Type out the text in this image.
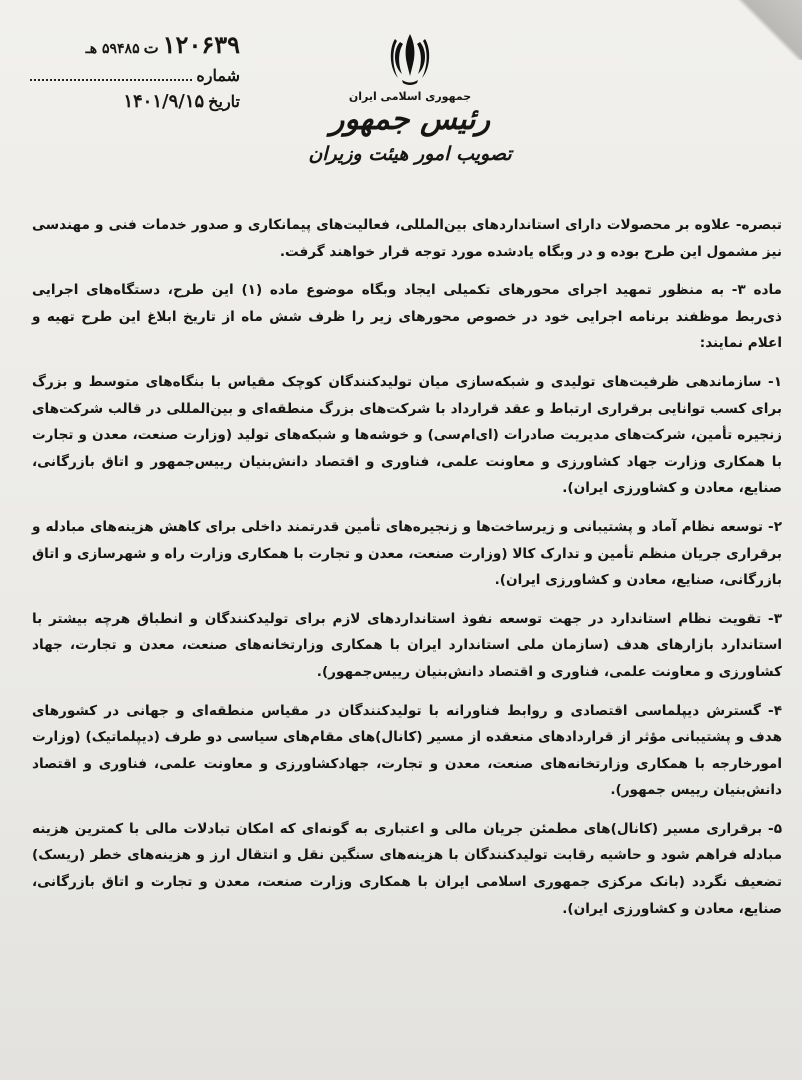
۱۲۰۶۳۹
ت
۵۹۴۸۵ هـ
شماره
تاریخ
۱۴۰۱/۹/۱۵	جمهوری اسلامی ایران
رئیس جمهور
تصویب امور هیئت وزیران

تبصره- علاوه بر محصولات دارای استانداردهای بین‌المللی، فعالیت‌های پیمانکاری و صدور خدمات فنی و مهندسی نیز مشمول این طرح بوده و در وبگاه یادشده مورد توجه قرار خواهند گرفت.

ماده ۳- به منظور تمهید اجرای محورهای تکمیلی ایجاد وبگاه موضوع ماده (۱) این طرح، دستگاه‌های اجرایی ذی‌ربط موظفند برنامه اجرایی خود در خصوص محورهای زیر را ظرف شش ماه از تاریخ ابلاغ این طرح تهیه و اعلام نمایند:

۱- سازماندهی ظرفیت‌های تولیدی و شبکه‌سازی میان تولیدکنندگان کوچک مقیاس با بنگاه‌های متوسط و بزرگ برای کسب توانایی برقراری ارتباط و عقد قرارداد با شرکت‌های بزرگ منطقه‌ای و بین‌المللی در قالب شرکت‌های زنجیره تأمین، شرکت‌های مدیریت صادرات (ای‌ام‌سی) و خوشه‌ها و شبکه‌های تولید (وزارت صنعت، معدن و تجارت با همکاری وزارت جهاد کشاورزی و معاونت علمی، فناوری و اقتصاد دانش‌بنیان رییس‌جمهور و اتاق بازرگانی، صنایع، معادن و کشاورزی ایران).

۲- توسعه نظام آماد و پشتیبانی و زیرساخت‌ها و زنجیره‌های تأمین قدرتمند داخلی برای کاهش هزینه‌های مبادله و برقراری جریان منظم تأمین و تدارک کالا (وزارت صنعت، معدن و تجارت با همکاری وزارت راه و شهرسازی و اتاق بازرگانی، صنایع، معادن و کشاورزی ایران).

۳- تقویت نظام استاندارد در جهت توسعه نفوذ استانداردهای لازم برای تولیدکنندگان و انطباق هرچه بیشتر با استاندارد بازارهای هدف (سازمان ملی استاندارد ایران با همکاری وزارتخانه‌های صنعت، معدن و تجارت، جهاد کشاورزی و معاونت علمی، فناوری و اقتصاد دانش‌بنیان رییس‌جمهور).

۴- گسترش دیپلماسی اقتصادی و روابط فناورانه با تولیدکنندگان در مقیاس منطقه‌ای و جهانی در کشورهای هدف و پشتیبانی مؤثر از قراردادهای منعقده از مسیر (کانال)های مقام‌های سیاسی دو طرف (دیپلماتیک) (وزارت امورخارجه با همکاری وزارتخانه‌های صنعت، معدن و تجارت، جهادکشاورزی و معاونت علمی، فناوری و اقتصاد دانش‌بنیان رییس جمهور).

۵- برقراری مسیر (کانال)های مطمئن جریان مالی و اعتباری به گونه‌ای که امکان تبادلات مالی با کمترین هزینه مبادله فراهم شود و حاشیه رقابت تولیدکنندگان با هزینه‌های سنگین نقل و انتقال ارز و هزینه‌های خطر (ریسک) تضعیف نگردد (بانک مرکزی جمهوری اسلامی ایران با همکاری وزارت صنعت، معدن و تجارت و اتاق بازرگانی، صنایع، معادن و کشاورزی ایران).
